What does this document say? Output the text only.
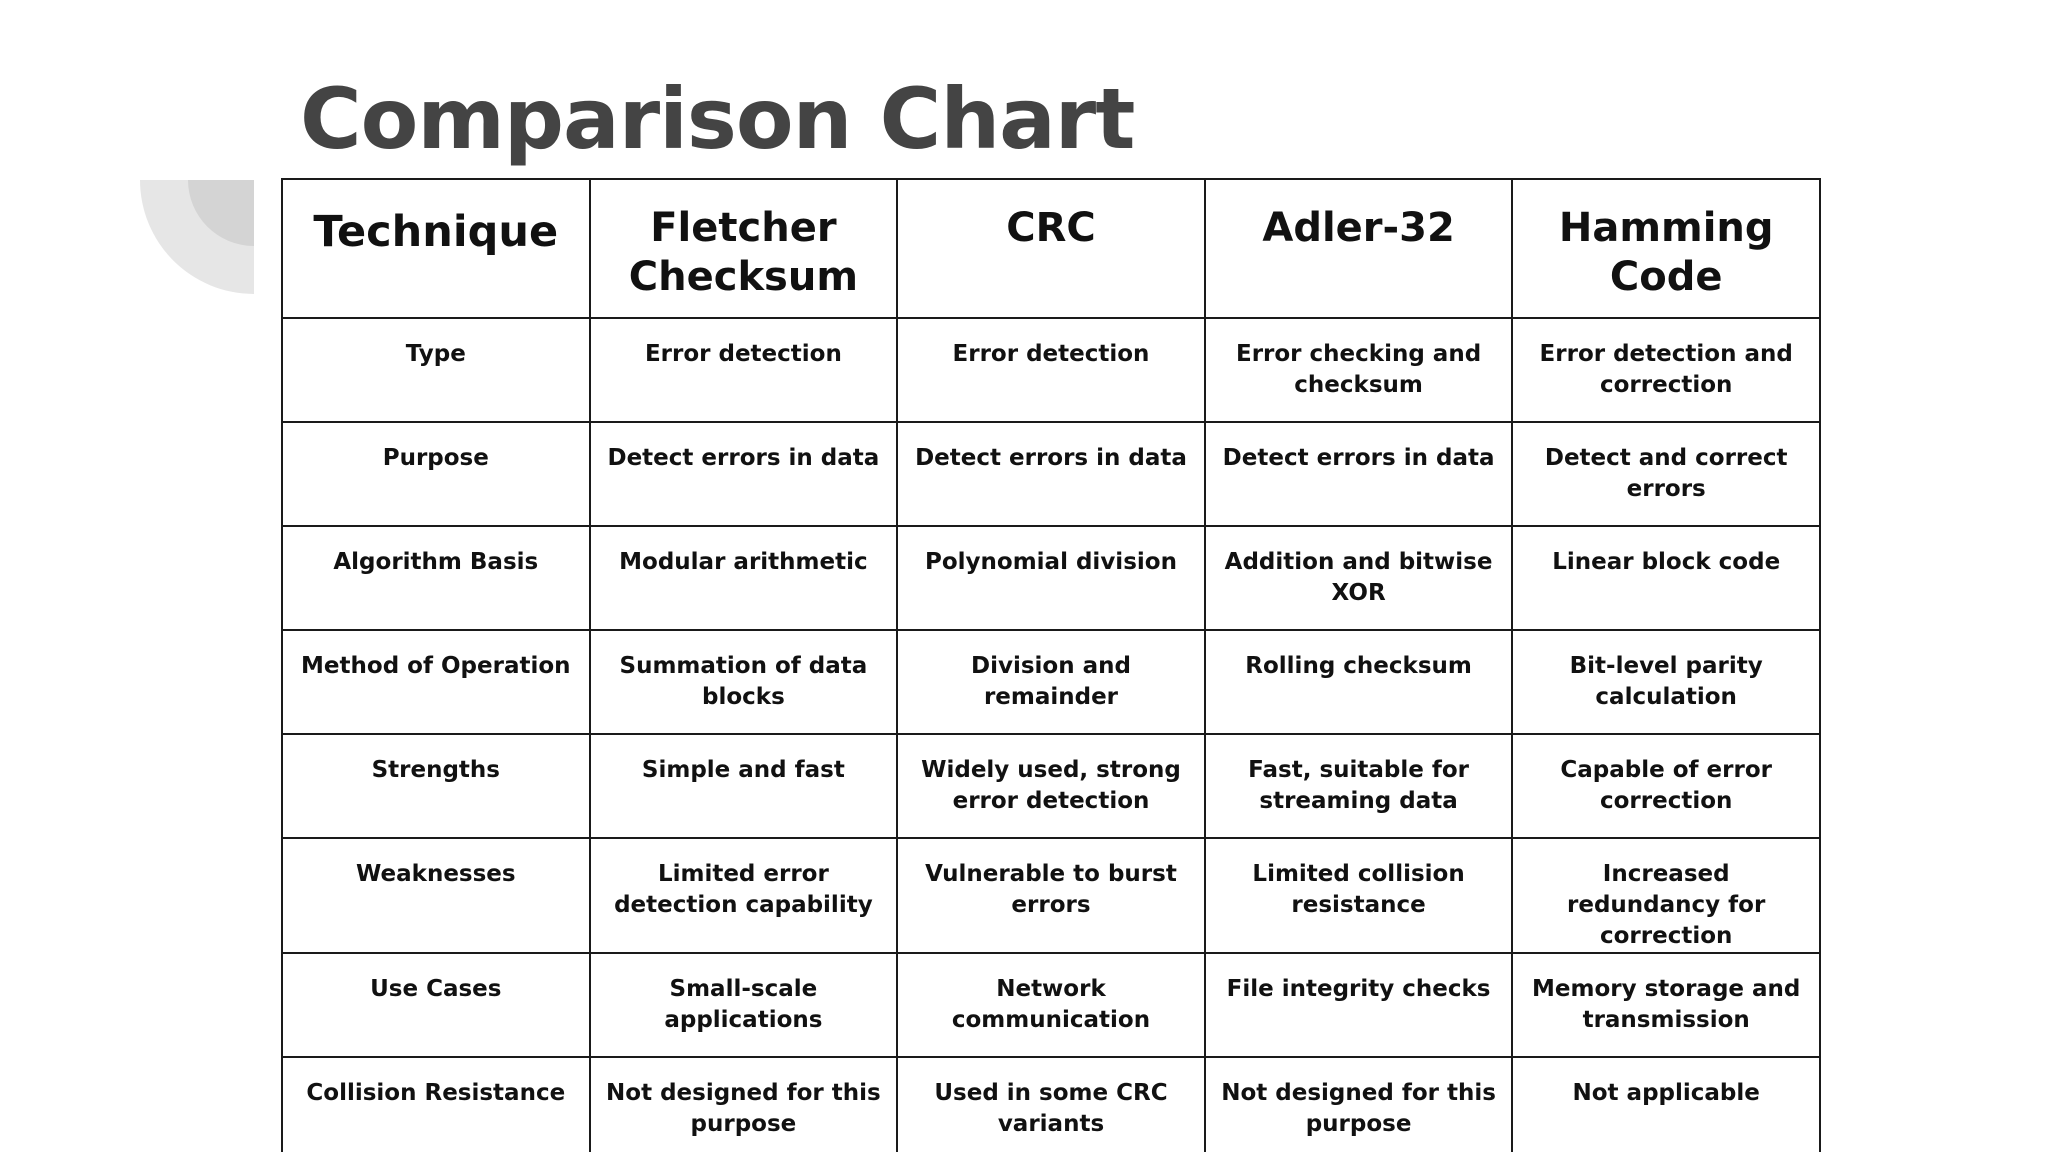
Comparison Chart
Technique	Fletcher Checksum	CRC	Adler-32	Hamming Code
Type	Error detection	Error detection	Error checking and checksum	Error detection and correction
Purpose	Detect errors in data	Detect errors in data	Detect errors in data	Detect and correct errors
Algorithm Basis	Modular arithmetic	Polynomial division	Addition and bitwise XOR	Linear block code
Method of Operation	Summation of data blocks	Division and remainder	Rolling checksum	Bit-level parity calculation
Strengths	Simple and fast	Widely used, strong error detection	Fast, suitable for streaming data	Capable of error correction
Weaknesses	Limited error detection capability	Vulnerable to burst errors	Limited collision resistance	Increased redundancy for correction
Use Cases	Small-scale applications	Network communication	File integrity checks	Memory storage and transmission
Collision Resistance	Not designed for this purpose	Used in some CRC variants	Not designed for this purpose	Not applicable
